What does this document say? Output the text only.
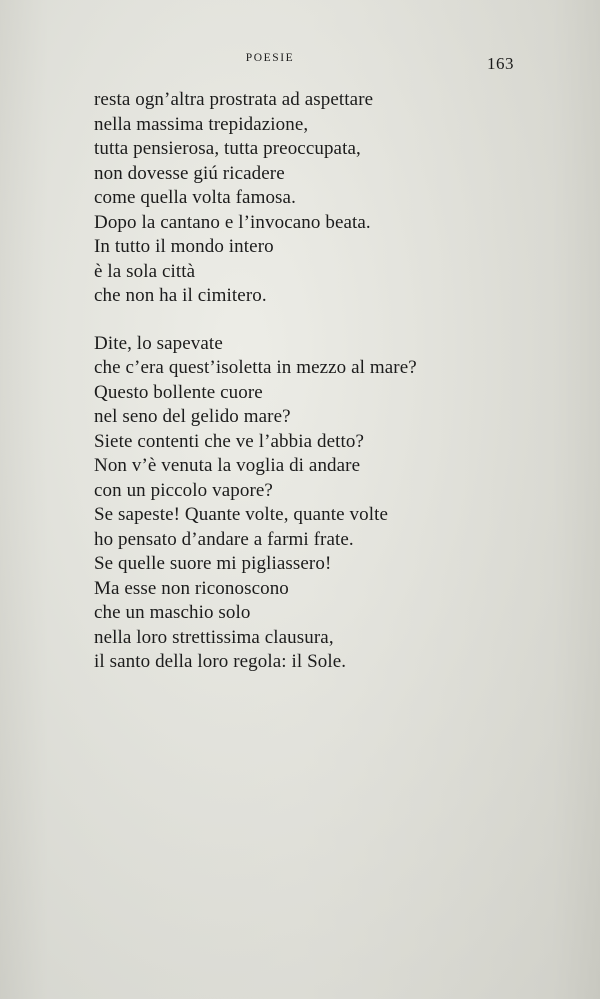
POESIE	163
resta ogn’altra prostrata ad aspettare
nella massima trepidazione,
tutta pensierosa, tutta preoccupata,
non dovesse giú ricadere
come quella volta famosa.
Dopo la cantano e l’invocano beata.
In tutto il mondo intero
è la sola città
che non ha il cimitero.
Dite, lo sapevate
che c’era quest’isoletta in mezzo al mare?
Questo bollente cuore
nel seno del gelido mare?
Siete contenti che ve l’abbia detto?
Non v’è venuta la voglia di andare
con un piccolo vapore?
Se sapeste! Quante volte, quante volte
ho pensato d’andare a farmi frate.
Se quelle suore mi pigliassero!
Ma esse non riconoscono
che un maschio solo
nella loro strettissima clausura,
il santo della loro regola: il Sole.
